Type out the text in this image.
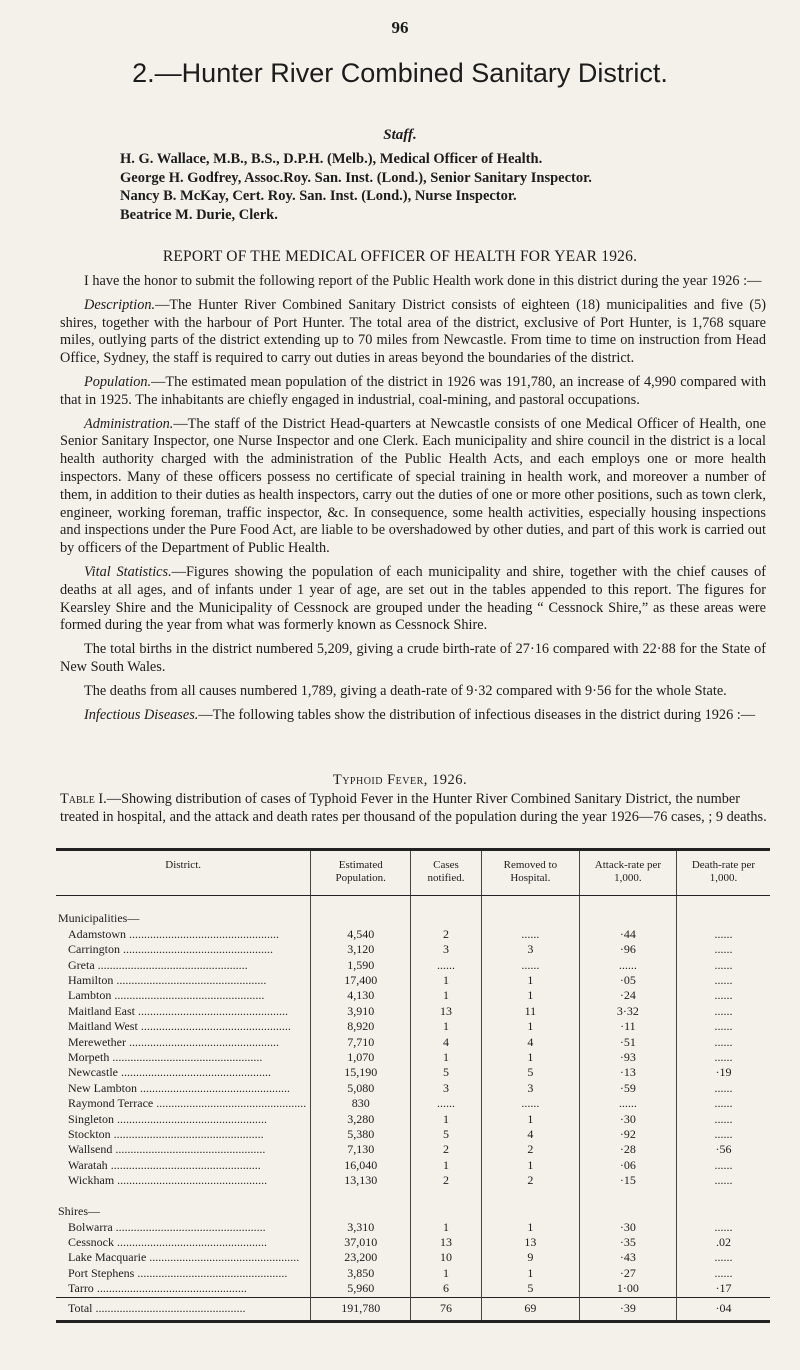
96
2.—Hunter River Combined Sanitary District.
Staff.
H. G. Wallace, M.B., B.S., D.P.H. (Melb.), Medical Officer of Health.
George H. Godfrey, Assoc.Roy. San. Inst. (Lond.), Senior Sanitary Inspector.
Nancy B. McKay, Cert. Roy. San. Inst. (Lond.), Nurse Inspector.
Beatrice M. Durie, Clerk.
REPORT OF THE MEDICAL OFFICER OF HEALTH FOR YEAR 1926.

I have the honor to submit the following report of the Public Health work done in this district during the year 1926 :—

Description.—The Hunter River Combined Sanitary District consists of eighteen (18) municipalities and five (5) shires, together with the harbour of Port Hunter. The total area of the district, exclusive of Port Hunter, is 1,768 square miles, outlying parts of the district extending up to 70 miles from Newcastle. From time to time on instruction from Head Office, Sydney, the staff is required to carry out duties in areas beyond the boundaries of the district.

Population.—The estimated mean population of the district in 1926 was 191,780, an increase of 4,990 compared with that in 1925. The inhabitants are chiefly engaged in industrial, coal-mining, and pastoral occupations.

Administration.—The staff of the District Head-quarters at Newcastle consists of one Medical Officer of Health, one Senior Sanitary Inspector, one Nurse Inspector and one Clerk. Each municipality and shire council in the district is a local health authority charged with the administration of the Public Health Acts, and each employs one or more health inspectors. Many of these officers possess no certificate of special training in health work, and moreover a number of them, in addition to their duties as health inspectors, carry out the duties of one or more other positions, such as town clerk, engineer, working foreman, traffic inspector, &c. In consequence, some health activities, especially housing inspections and inspections under the Pure Food Act, are liable to be overshadowed by other duties, and part of this work is carried out by officers of the Department of Public Health.

Vital Statistics.—Figures showing the population of each municipality and shire, together with the chief causes of deaths at all ages, and of infants under 1 year of age, are set out in the tables appended to this report. The figures for Kearsley Shire and the Municipality of Cessnock are grouped under the heading “ Cessnock Shire,” as these areas were formed during the year from what was formerly known as Cessnock Shire.

The total births in the district numbered 5,209, giving a crude birth-rate of 27·16 compared with 22·88 for the State of New South Wales.

The deaths from all causes numbered 1,789, giving a death-rate of 9·32 compared with 9·56 for the whole State.

Infectious Diseases.—The following tables show the distribution of infectious diseases in the district during 1926 :—

Typhoid Fever, 1926.
Table I.—Showing distribution of cases of Typhoid Fever in the Hunter River Combined Sanitary District, the number treated in hospital, and the attack and death rates per thousand of the population during the year 1926—76 cases, ; 9 deaths.
District.	Estimated Population.	Cases notified.	Removed to Hospital.	Attack-rate per 1,000.	Death-rate per 1,000.

Municipalities—					
Adamstown .....	4,540	2	......	·44	......
Carrington .....	3,120	3	3	·96	......
Greta .....	1,590	......	......	......	......
Hamilton .....	17,400	1	1	·05	......
Lambton .....	4,130	1	1	·24	......
Maitland East .....	3,910	13	11	3·32	......
Maitland West .....	8,920	1	1	·11	......
Merewether .....	7,710	4	4	·51	......
Morpeth .....	1,070	1	1	·93	......
Newcastle .....	15,190	5	5	·13	·19
New Lambton .....	5,080	3	3	·59	......
Raymond Terrace .....	830	......	......	......	......
Singleton .....	3,280	1	1	·30	......
Stockton .....	5,380	5	4	·92	......
Wallsend .....	7,130	2	2	·28	·56
Waratah .....	16,040	1	1	·06	......
Wickham .....	13,130	2	2	·15	......

Shires—					
Bolwarra .....	3,310	1	1	·30	......
Cessnock .....	37,010	13	13	·35	.02
Lake Macquarie .....	23,200	10	9	·43	......
Port Stephens .....	3,850	1	1	·27	......
Tarro .....	5,960	6	5	1·00	·17
Total .....	191,780	76	69	·39	·04
